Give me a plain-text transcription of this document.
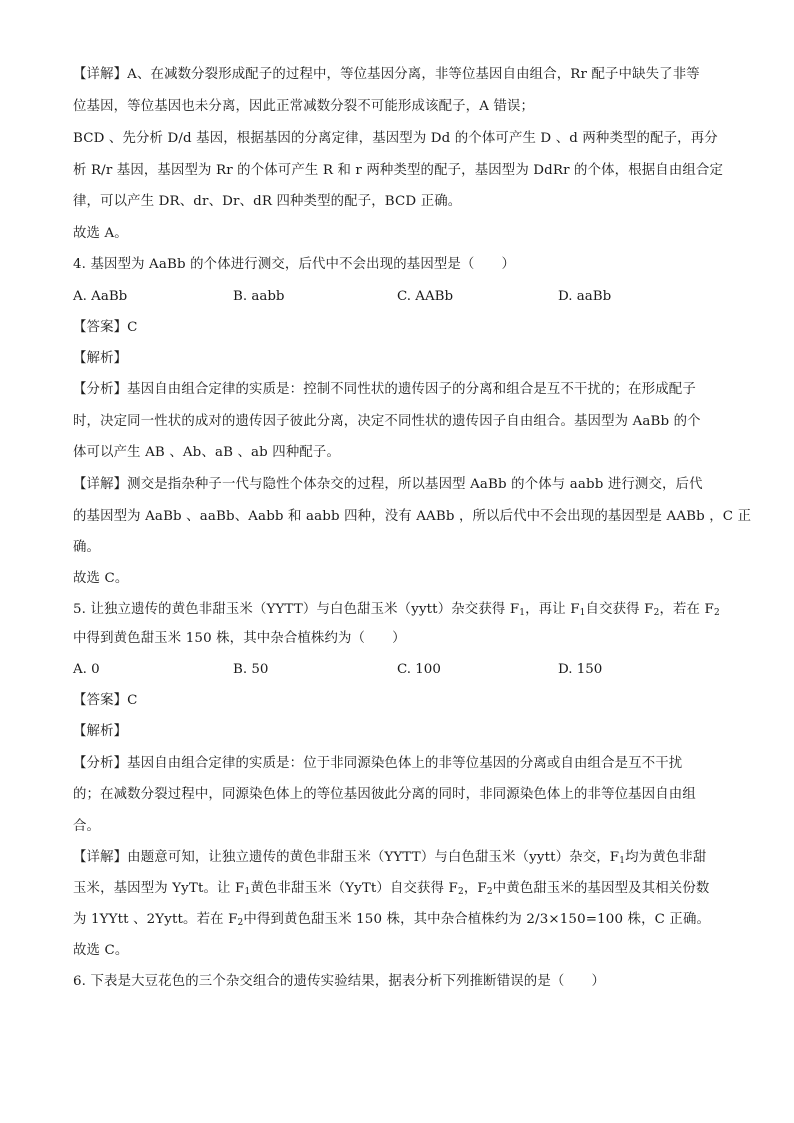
【详解】A、在减数分裂形成配子的过程中，等位基因分离，非等位基因自由组合，Rr 配子中缺失了非等
位基因，等位基因也未分离，因此正常减数分裂不可能形成该配子，A 错误；
BCD 、先分析 D/d 基因，根据基因的分离定律，基因型为 Dd 的个体可产生 D 、d 两种类型的配子，再分
析 R/r 基因，基因型为 Rr 的个体可产生 R 和 r 两种类型的配子，基因型为 DdRr 的个体，根据自由组合定
律，可以产生 DR、dr、Dr、dR 四种类型的配子，BCD 正确。
故选 A。
4. 基因型为 AaBb 的个体进行测交，后代中不会出现的基因型是（　　）
A. AaBb	B. aabb	C. AABb	D. aaBb
【答案】C
【解析】
【分析】基因自由组合定律的实质是：控制不同性状的遗传因子的分离和组合是互不干扰的；在形成配子
时，决定同一性状的成对的遗传因子彼此分离，决定不同性状的遗传因子自由组合。基因型为 AaBb 的个
体可以产生 AB 、Ab、aB 、ab 四种配子。
【详解】测交是指杂种子一代与隐性个体杂交的过程，所以基因型 AaBb 的个体与 aabb 进行测交，后代
的基因型为 AaBb 、aaBb、Aabb 和 aabb 四种，没有 AABb ，所以后代中不会出现的基因型是 AABb ，C 正
确。
故选 C。
5. 让独立遗传的黄色非甜玉米（YYTT）与白色甜玉米（yytt）杂交获得 $F_1$，再让 $F_1$自交获得 $F_2$，若在 $F_2$
中得到黄色甜玉米 150 株，其中杂合植株约为（　　）
A. 0	B. 50	C. 100	D. 150
【答案】C
【解析】
【分析】基因自由组合定律的实质是：位于非同源染色体上的非等位基因的分离或自由组合是互不干扰
的；在减数分裂过程中，同源染色体上的等位基因彼此分离的同时，非同源染色体上的非等位基因自由组
合。
【详解】由题意可知，让独立遗传的黄色非甜玉米（YYTT）与白色甜玉米（yytt）杂交，$F_1$均为黄色非甜
玉米，基因型为 YyTt。让 $F_1$黄色非甜玉米（YyTt）自交获得 $F_2$，$F_2$中黄色甜玉米的基因型及其相关份数
为 1YYtt 、2Yytt。若在 $F_2$中得到黄色甜玉米 150 株，其中杂合植株约为 2/3×150=100 株，C 正确。
故选 C。
6. 下表是大豆花色的三个杂交组合的遗传实验结果，据表分析下列推断错误的是（　　）
